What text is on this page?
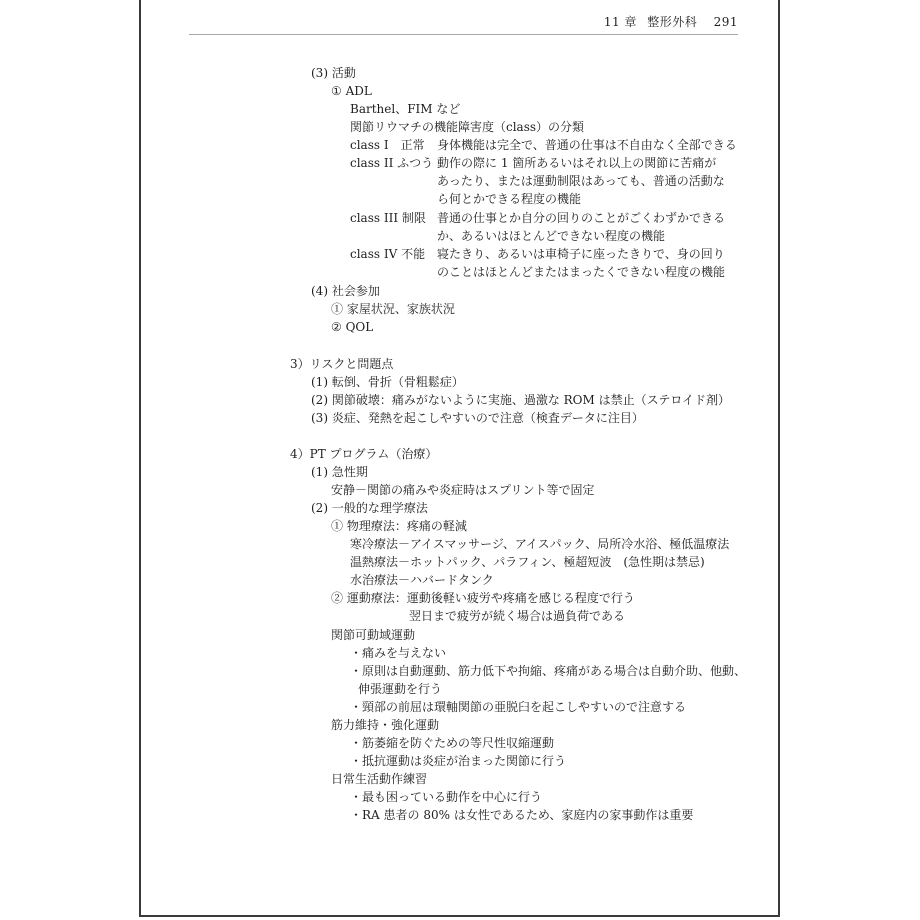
11 章 整形外科 291
(3) 活動
① ADL
Barthel、FIM など
関節リウマチの機能障害度（class）の分類
class I　正常 身体機能は完全で、普通の仕事は不自由なく全部できる
class II ふつう 動作の際に 1 箇所あるいはそれ以上の関節に苦痛が
あったり、または運動制限はあっても、普通の活動な
ら何とかできる程度の機能
class III 制限 普通の仕事とか自分の回りのことがごくわずかできる
か、あるいはほとんどできない程度の機能
class IV 不能 寝たきり、あるいは車椅子に座ったきりで、身の回り
のことはほとんどまたはまったくできない程度の機能
(4) 社会参加
① 家屋状況、家族状況
② QOL
3）リスクと問題点
(1) 転倒、骨折（骨粗鬆症）
(2) 関節破壊：痛みがないように実施、過激な ROM は禁止（ステロイド剤）
(3) 炎症、発熱を起こしやすいので注意（検査データに注目）
4）PT プログラム（治療）
(1) 急性期
安静－関節の痛みや炎症時はスプリント等で固定
(2) 一般的な理学療法
① 物理療法：疼痛の軽減
寒冷療法－アイスマッサージ、アイスパック、局所冷水浴、極低温療法
温熱療法－ホットパック、パラフィン、極超短波　(急性期は禁忌)
水治療法－ハバードタンク
② 運動療法：運動後軽い疲労や疼痛を感じる程度で行う
翌日まで疲労が続く場合は過負荷である
関節可動域運動
・痛みを与えない
・原則は自動運動、筋力低下や拘縮、疼痛がある場合は自動介助、他動、
伸張運動を行う
・頸部の前屈は環軸関節の亜脱臼を起こしやすいので注意する
筋力維持・強化運動
・筋萎縮を防ぐための等尺性収縮運動
・抵抗運動は炎症が治まった関節に行う
日常生活動作練習
・最も困っている動作を中心に行う
・RA 患者の 80% は女性であるため、家庭内の家事動作は重要
